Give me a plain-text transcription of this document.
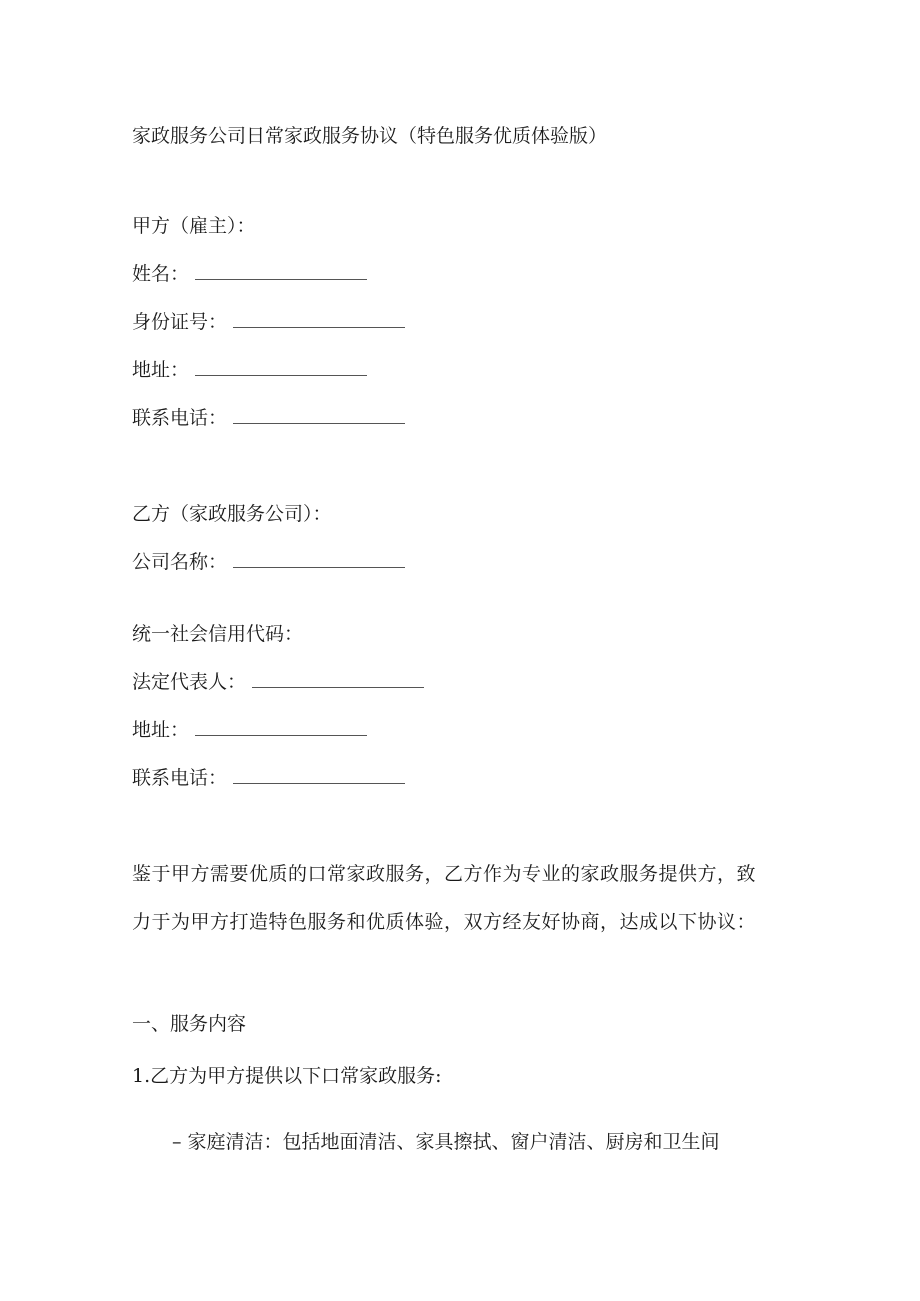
家政服务公司日常家政服务协议（特色服务优质体验版）
甲方（雇主）：
姓名：
身份证号：
地址：
联系电话：
乙方（家政服务公司）：
公司名称：
统一社会信用代码：
法定代表人：
地址：
联系电话：
鉴于甲方需要优质的口常家政服务，乙方作为专业的家政服务提供方，致
力于为甲方打造特色服务和优质体验，双方经友好协商，达成以下协议：
一、服务内容
1.乙方为甲方提供以下口常家政服务:
– 家庭清洁：包括地面清洁、家具擦拭、窗户清洁、厨房和卫生间
